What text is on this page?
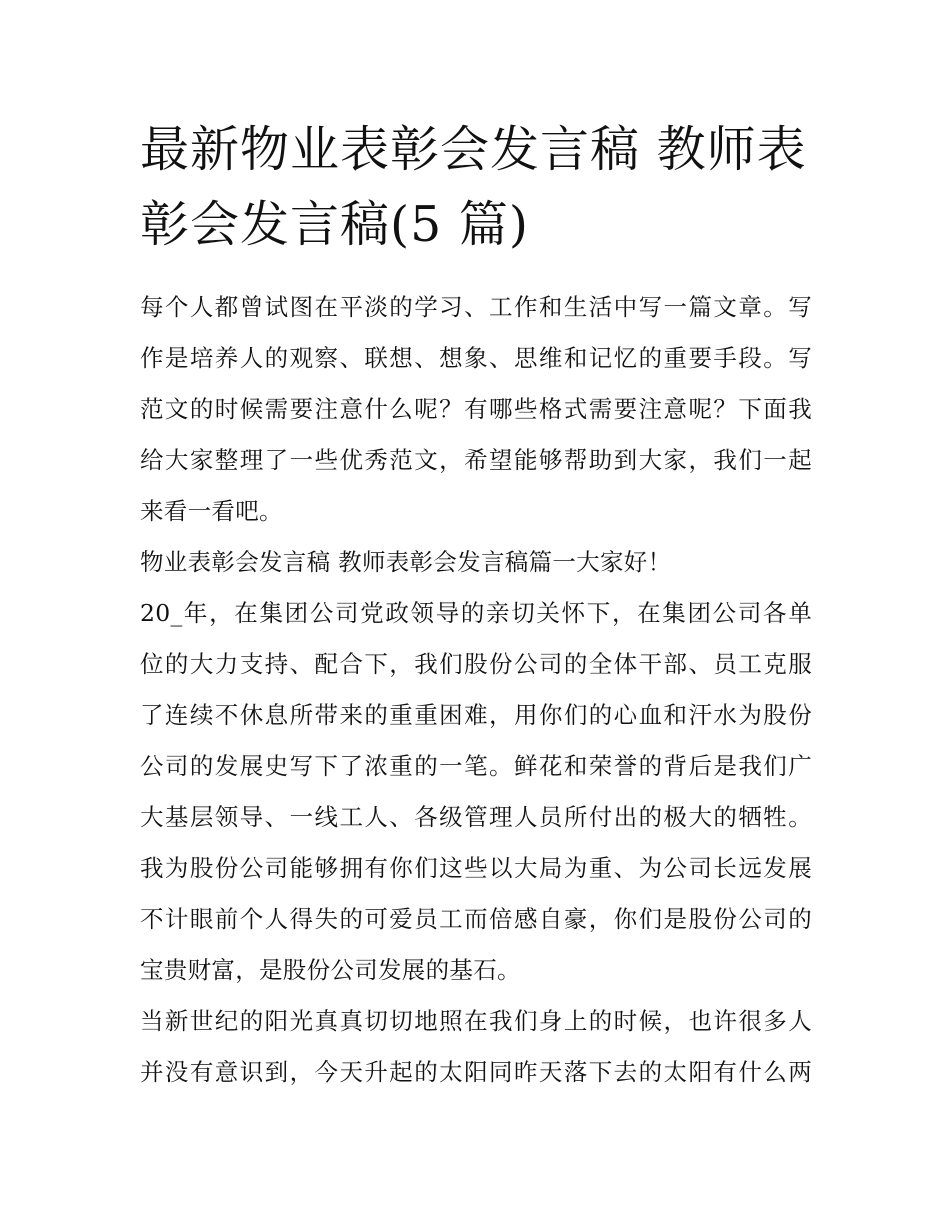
最新物业表彰会发言稿 教师表
彰会发言稿(5 篇)
每个人都曾试图在平淡的学习、工作和生活中写一篇文章。写
作是培养人的观察、联想、想象、思维和记忆的重要手段。写
范文的时候需要注意什么呢？有哪些格式需要注意呢？下面我
给大家整理了一些优秀范文，希望能够帮助到大家，我们一起
来看一看吧。
物业表彰会发言稿 教师表彰会发言稿篇一大家好！
20_年，在集团公司党政领导的亲切关怀下，在集团公司各单
位的大力支持、配合下，我们股份公司的全体干部、员工克服
了连续不休息所带来的重重困难，用你们的心血和汗水为股份
公司的发展史写下了浓重的一笔。鲜花和荣誉的背后是我们广
大基层领导、一线工人、各级管理人员所付出的极大的牺牲。
我为股份公司能够拥有你们这些以大局为重、为公司长远发展
不计眼前个人得失的可爱员工而倍感自豪，你们是股份公司的
宝贵财富，是股份公司发展的基石。
当新世纪的阳光真真切切地照在我们身上的时候，也许很多人
并没有意识到，今天升起的太阳同昨天落下去的太阳有什么两
